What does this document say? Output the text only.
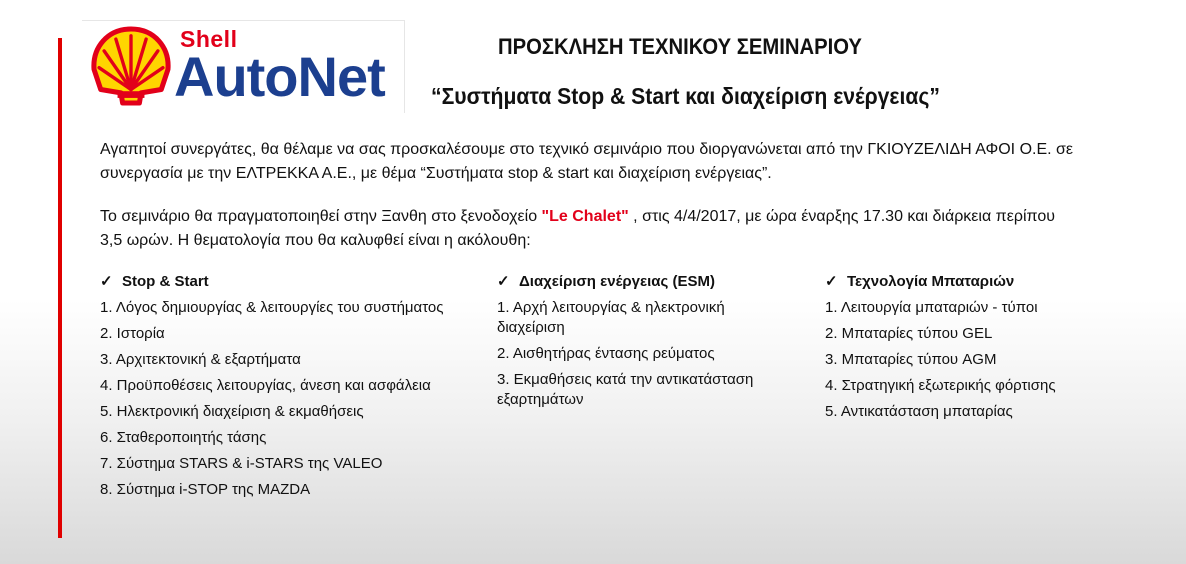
Shell
AutoNet	ΠΡΟΣΚΛΗΣΗ ΤΕΧΝΙΚΟΥ ΣΕΜΙΝΑΡΙΟΥ
“Συστήματα Stop & Start και διαχείριση ενέργειας”
Αγαπητοί συνεργάτες, θα θέλαμε να σας προσκαλέσουμε στο τεχνικό σεμινάριο που διοργανώνεται από την ΓΚΙΟΥΖΕΛΙΔΗ ΑΦΟΙ Ο.Ε. σε συνεργασία με την ΕΛΤΡΕΚΚΑ Α.Ε., με θέμα “Συστήματα stop & start και διαχείριση ενέργειας”.
Το σεμινάριο θα πραγματοποιηθεί στην Ξανθη στο ξενοδοχείο "Le Chalet" , στις 4/4/2017, με ώρα έναρξης 17.30 και διάρκεια περίπου 3,5 ωρών. Η θεματολογία που θα καλυφθεί είναι η ακόλουθη:
✓ Stop & Start
1. Λόγος δημιουργίας & λειτουργίες του συστήματος
2. Ιστορία
3. Αρχιτεκτονική & εξαρτήματα
4. Προϋποθέσεις λειτουργίας, άνεση και ασφάλεια
5. Ηλεκτρονική διαχείριση & εκμαθήσεις
6. Σταθεροποιητής τάσης
7. Σύστημα STARS & i-STARS της VALEO
8. Σύστημα i-STOP της MAZDA
✓ Διαχείριση ενέργειας (ESM)
1. Αρχή λειτουργίας & ηλεκτρονική διαχείριση
2. Αισθητήρας έντασης ρεύματος
3. Εκμαθήσεις κατά την αντικατάσταση εξαρτημάτων
✓ Τεχνολογία Μπαταριών
1. Λειτουργία μπαταριών - τύποι
2. Μπαταρίες τύπου GEL
3. Μπαταρίες τύπου AGM
4. Στρατηγική εξωτερικής φόρτισης
5. Αντικατάσταση μπαταρίας
